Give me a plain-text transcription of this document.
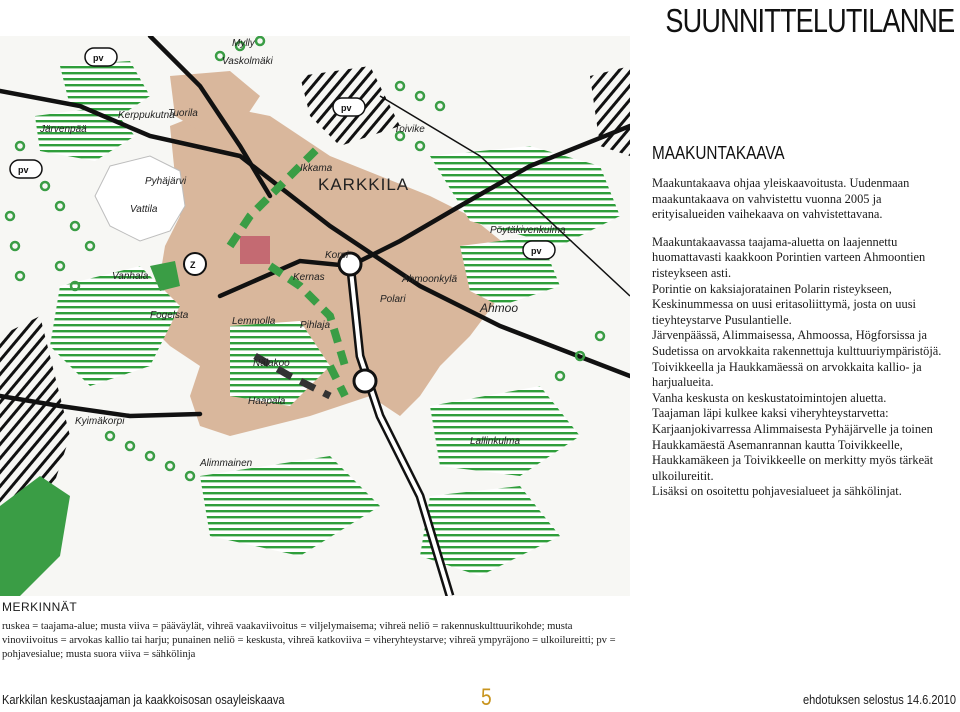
SUUNNITTELUTILANNE
Z
pv
pv
pv
pv
Mylly
Vaskolmäki
Kerppukutna
Tuorila
Järvenpää	Toivike
Pyhäjärvi	KARKKILA
Ikkama
Vattila
Pöytäkivenkulma
Vanhala	Kernas
Korpi
Ahmoonkylä
Ahmoo
Fogelsta
Lemmolla
Polari
Pihlaja
Nälakoo
Haapala
Kyimäkorpi
Lallinkulma
Alimmainen
MAAKUNTAKAAVA

Maakuntakaava ohjaa yleiskaavoitusta. Uudenmaan maakuntakaava on vahvistettu vuonna 2005 ja erityisalueiden vaihekaava on vahvistettavana.

Maakuntakaavassa taajama-aluetta on laajennettu huomattavasti kaakkoon Porintien varteen Ahmoontien risteykseen asti.

Porintie on kaksiajoratainen Polarin risteykseen, Keskinummessa on uusi eritasoliittymä, josta on uusi tieyhteystarve Pusulantielle.

Järvenpäässä, Alimmaisessa, Ahmoossa, Högforsissa ja Sudetissa on arvokkaita rakennettuja kulttuuriympäristöjä.

Toivikkeella ja Haukkamäessä on arvokkaita kallio- ja harjualueita.

Vanha keskusta on keskustatoimintojen aluetta.

Taajaman läpi kulkee kaksi viheryhteystarvetta: Karjaanjokivarressa Alimmaisesta Pyhäjärvelle ja toinen Haukkamäestä Asemanrannan kautta Toivikkeelle, Haukkamäkeen ja Toivikkeelle on merkitty myös tärkeät ulkoilureitit.

Lisäksi on osoitettu pohjavesialueet ja sähkölinjat.

MERKINNÄT
ruskea = taajama-alue; musta viiva = pääväylät, vihreä vaakaviivoitus = viljelymaisema; vihreä neliö = rakennuskulttuurikohde; musta vinoviivoitus = arvokas kallio tai harju; punainen neliö = keskusta, vihreä katkoviiva = viheryhteystarve; vihreä ympyräjono = ulkoilureitti; pv = pohjavesialue; musta suora viiva = sähkölinja
Karkkilan keskustaajaman ja kaakkoisosan osayleiskaava	5	ehdotuksen selostus 14.6.2010
